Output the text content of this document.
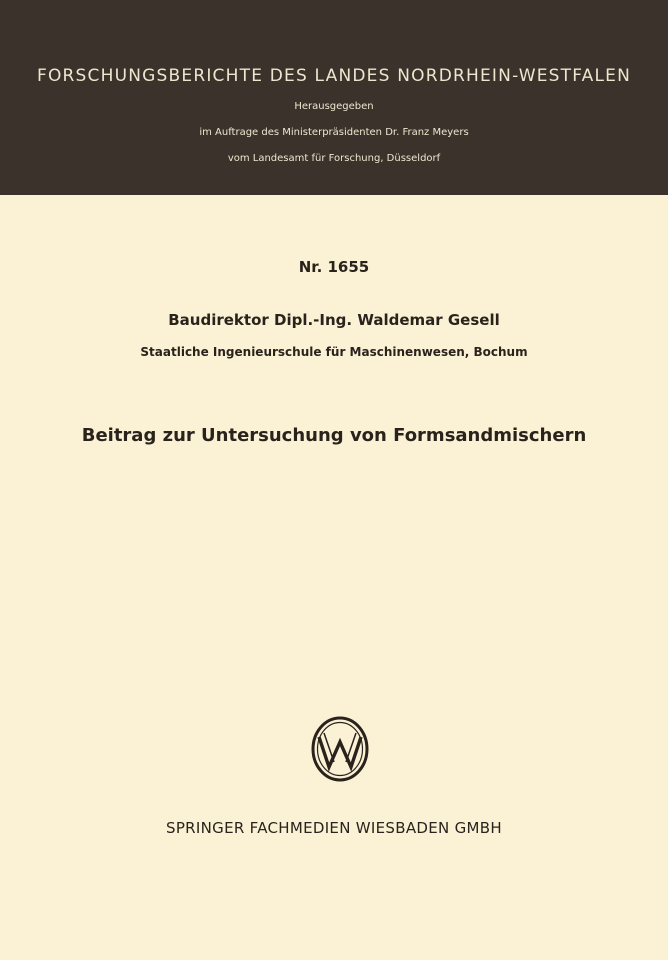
FORSCHUNGSBERICHTE DES LANDES NORDRHEIN-WESTFALEN
Herausgegeben
im Auftrage des Ministerpräsidenten Dr. Franz Meyers
vom Landesamt für Forschung, Düsseldorf
Nr. 1655
Baudirektor Dipl.-Ing. Waldemar Gesell
Staatliche Ingenieurschule für Maschinenwesen, Bochum
Beitrag zur Untersuchung von Formsandmischern
SPRINGER FACHMEDIEN WIESBADEN GMBH
